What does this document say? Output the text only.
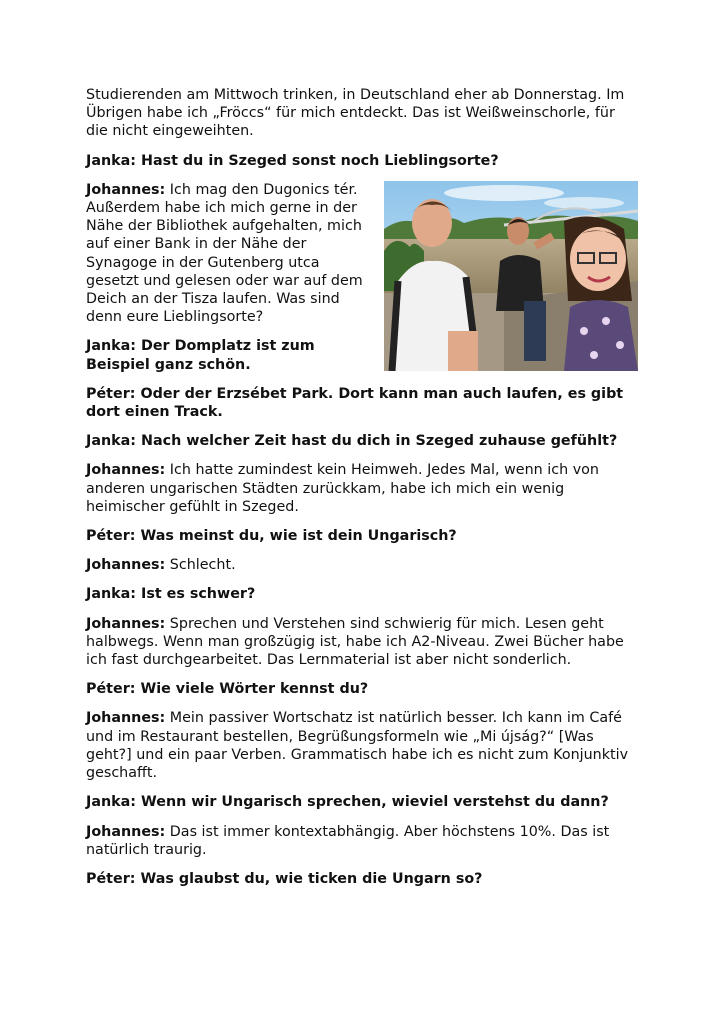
Studierenden am Mittwoch trinken, in Deutschland eher ab Donnerstag. Im Übrigen habe ich „Fröccs“ für mich entdeckt. Das ist Weißweinschorle, für die nicht eingeweihten.

Janka: Hast du in Szeged sonst noch Lieblingsorte?

Johannes: Ich mag den Dugonics tér. Außerdem habe ich mich gerne in der Nähe der Bibliothek aufgehalten, mich auf einer Bank in der Nähe der Synagoge in der Gutenberg utca gesetzt und gelesen oder war auf dem Deich an der Tisza laufen. Was sind denn eure Lieblingsorte?

Janka: Der Domplatz ist zum Beispiel ganz schön.

Péter: Oder der Erzsébet Park. Dort kann man auch laufen, es gibt dort einen Track.

Janka: Nach welcher Zeit hast du dich in Szeged zuhause gefühlt?

Johannes: Ich hatte zumindest kein Heimweh. Jedes Mal, wenn ich von anderen ungarischen Städten zurückkam, habe ich mich ein wenig heimischer gefühlt in Szeged.

Péter: Was meinst du, wie ist dein Ungarisch?

Johannes: Schlecht.

Janka: Ist es schwer?

Johannes: Sprechen und Verstehen sind schwierig für mich. Lesen geht halbwegs. Wenn man großzügig ist, habe ich A2-Niveau. Zwei Bücher habe ich fast durchgearbeitet. Das Lernmaterial ist aber nicht sonderlich.

Péter: Wie viele Wörter kennst du?

Johannes: Mein passiver Wortschatz ist natürlich besser. Ich kann im Café und im Restaurant bestellen, Begrüßungsformeln wie „Mi újság?“ [Was geht?] und ein paar Verben. Grammatisch habe ich es nicht zum Konjunktiv geschafft.

Janka: Wenn wir Ungarisch sprechen, wieviel verstehst du dann?

Johannes: Das ist immer kontextabhängig. Aber höchstens 10%. Das ist natürlich traurig.

Péter: Was glaubst du, wie ticken die Ungarn so?
